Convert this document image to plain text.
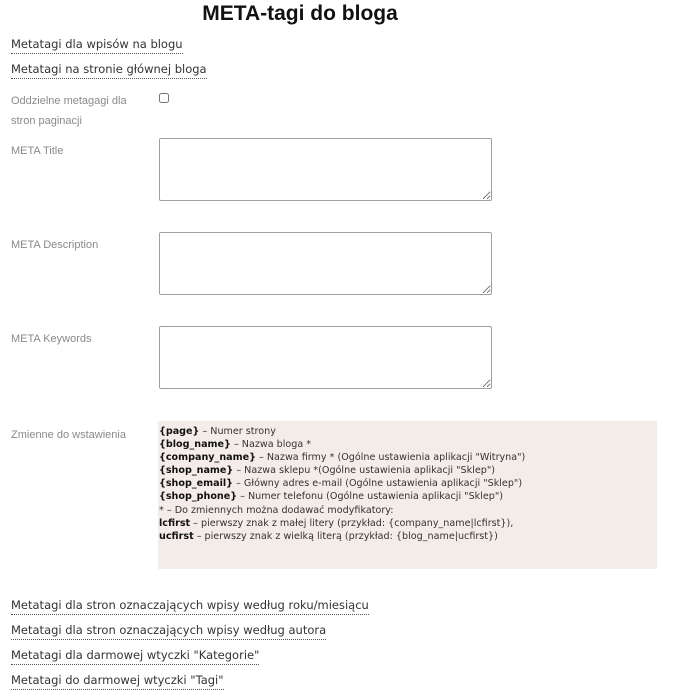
META-tagi do bloga
Metatagi dla wpisów na blogu
Metatagi na stronie głównej bloga
Oddzielne metagagi dla
stron paginacji
META Title
META Description
META Keywords
Zmienne do wstawienia	{page} – Numer strony
{blog_name} – Nazwa bloga *
{company_name} – Nazwa firmy * (Ogólne ustawienia aplikacji "Witryna")
{shop_name} – Nazwa sklepu *(Ogólne ustawienia aplikacji "Sklep")
{shop_email} – Główny adres e-mail (Ogólne ustawienia aplikacji "Sklep")
{shop_phone} – Numer telefonu (Ogólne ustawienia aplikacji "Sklep")
* – Do zmiennych można dodawać modyfikatory:
lcfirst – pierwszy znak z małej litery (przykład: {company_name|lcfirst}),
ucfirst – pierwszy znak z wielką literą (przykład: {blog_name|ucfirst})
Metatagi dla stron oznaczających wpisy według roku/miesiącu
Metatagi dla stron oznaczających wpisy według autora
Metatagi dla darmowej wtyczki "Kategorie"
Metatagi do darmowej wtyczki "Tagi"
